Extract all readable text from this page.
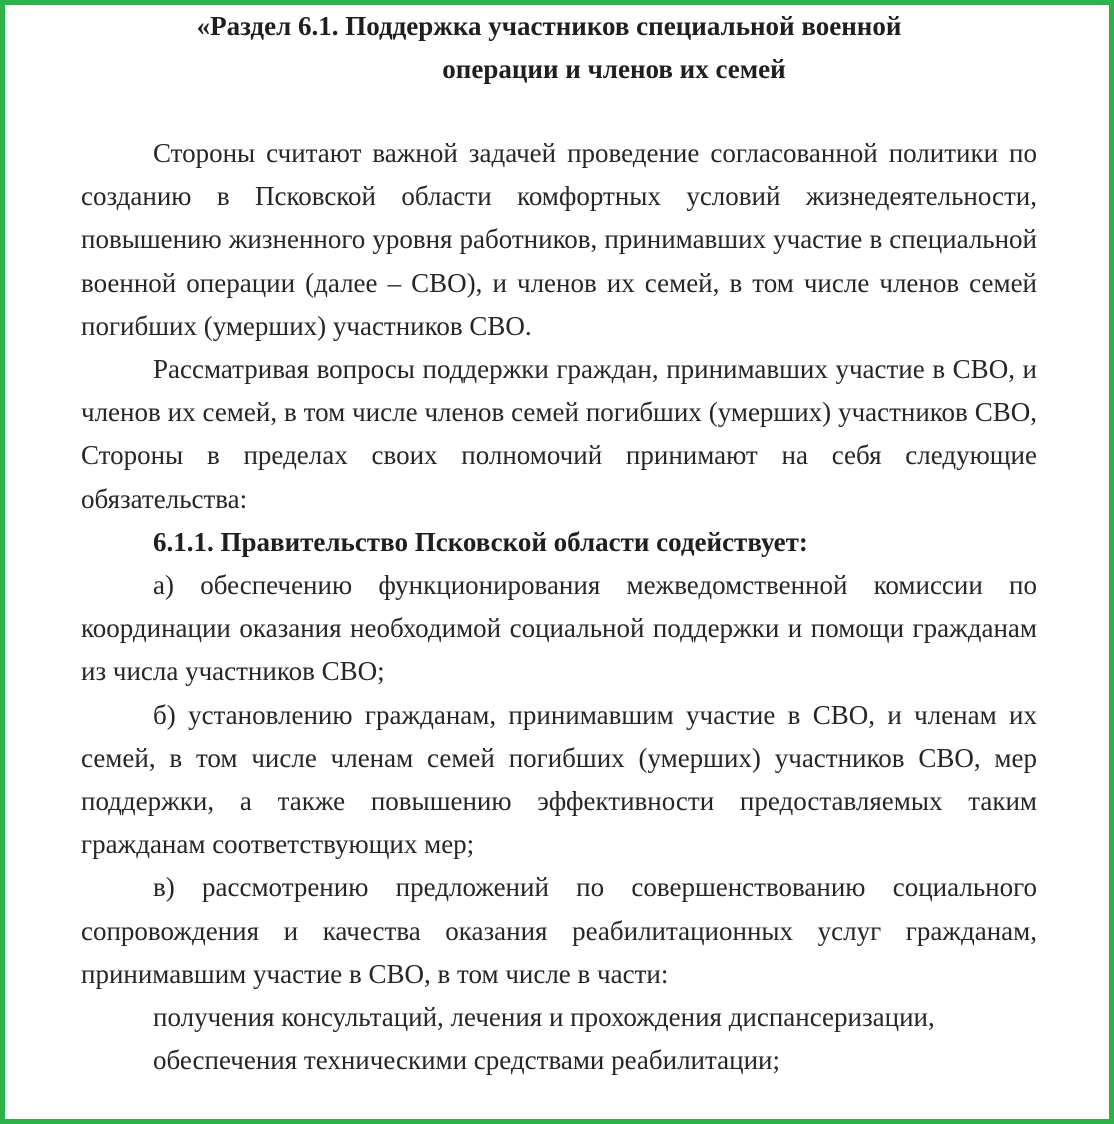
«Раздел 6.1. Поддержка участников специальной военной
операции и членов их семей

Стороны считают важной задачей проведение согласованной политики по созданию в Псковской области комфортных условий жизнедеятельности, повышению жизненного уровня работников, принимавших участие в специальной военной операции (далее – СВО), и членов их семей, в том числе членов семей погибших (умерших) участников СВО.

Рассматривая вопросы поддержки граждан, принимавших участие в СВО, и членов их семей, в том числе членов семей погибших (умерших) участников СВО, Стороны в пределах своих полномочий принимают на себя следующие обязательства:

6.1.1. Правительство Псковской области содействует:

а) обеспечению функционирования межведомственной комиссии по координации оказания необходимой социальной поддержки и помощи гражданам из числа участников СВО;

б) установлению гражданам, принимавшим участие в СВО, и членам их семей, в том числе членам семей погибших (умерших) участников СВО, мер поддержки, а также повышению эффективности предоставляемых таким гражданам соответствующих мер;

в) рассмотрению предложений по совершенствованию социального сопровождения и качества оказания реабилитационных услуг гражданам, принимавшим участие в СВО, в том числе в части:

получения консультаций, лечения и прохождения диспансеризации,

обеспечения техническими средствами реабилитации;
